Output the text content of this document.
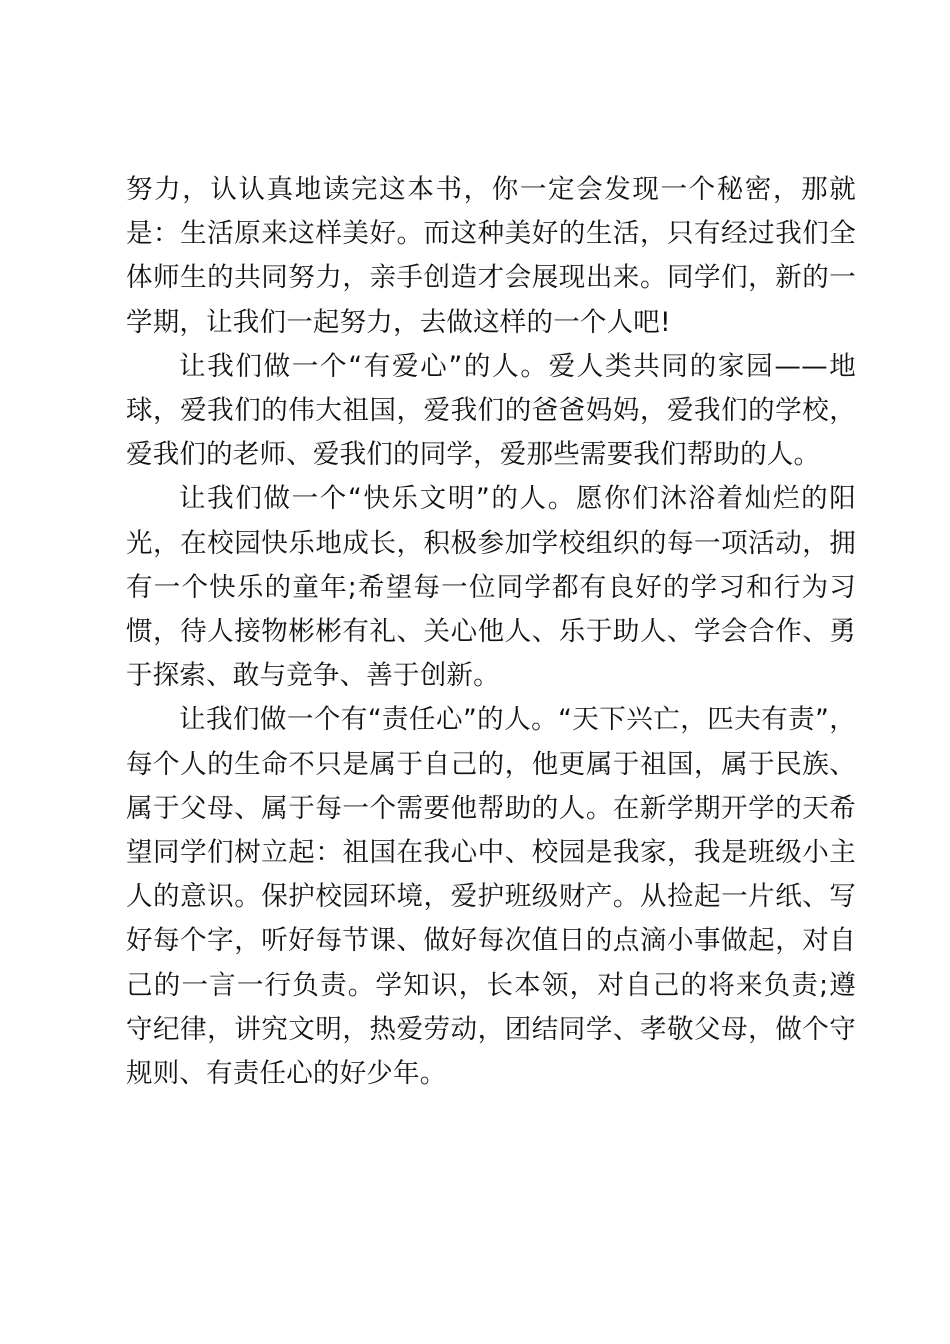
努力，认认真地读完这本书，你一定会发现一个秘密，那就是：生活原来这样美好。而这种美好的生活，只有经过我们全体师生的共同努力，亲手创造才会展现出来。同学们，新的一学期，让我们一起努力，去做这样的一个人吧!

让我们做一个“有爱心”的人。爱人类共同的家园——地球，爱我们的伟大祖国，爱我们的爸爸妈妈，爱我们的学校，爱我们的老师、爱我们的同学，爱那些需要我们帮助的人。

让我们做一个“快乐文明”的人。愿你们沐浴着灿烂的阳光，在校园快乐地成长，积极参加学校组织的每一项活动，拥有一个快乐的童年;希望每一位同学都有良好的学习和行为习惯，待人接物彬彬有礼、关心他人、乐于助人、学会合作、勇于探索、敢与竞争、善于创新。

让我们做一个有“责任心”的人。“天下兴亡，匹夫有责”，每个人的生命不只是属于自己的，他更属于祖国，属于民族、属于父母、属于每一个需要他帮助的人。在新学期开学的天希望同学们树立起：祖国在我心中、校园是我家，我是班级小主人的意识。保护校园环境，爱护班级财产。从捡起一片纸、写好每个字，听好每节课、做好每次值日的点滴小事做起，对自己的一言一行负责。学知识，长本领，对自己的将来负责;遵守纪律，讲究文明，热爱劳动，团结同学、孝敬父母，做个守规则、有责任心的好少年。
